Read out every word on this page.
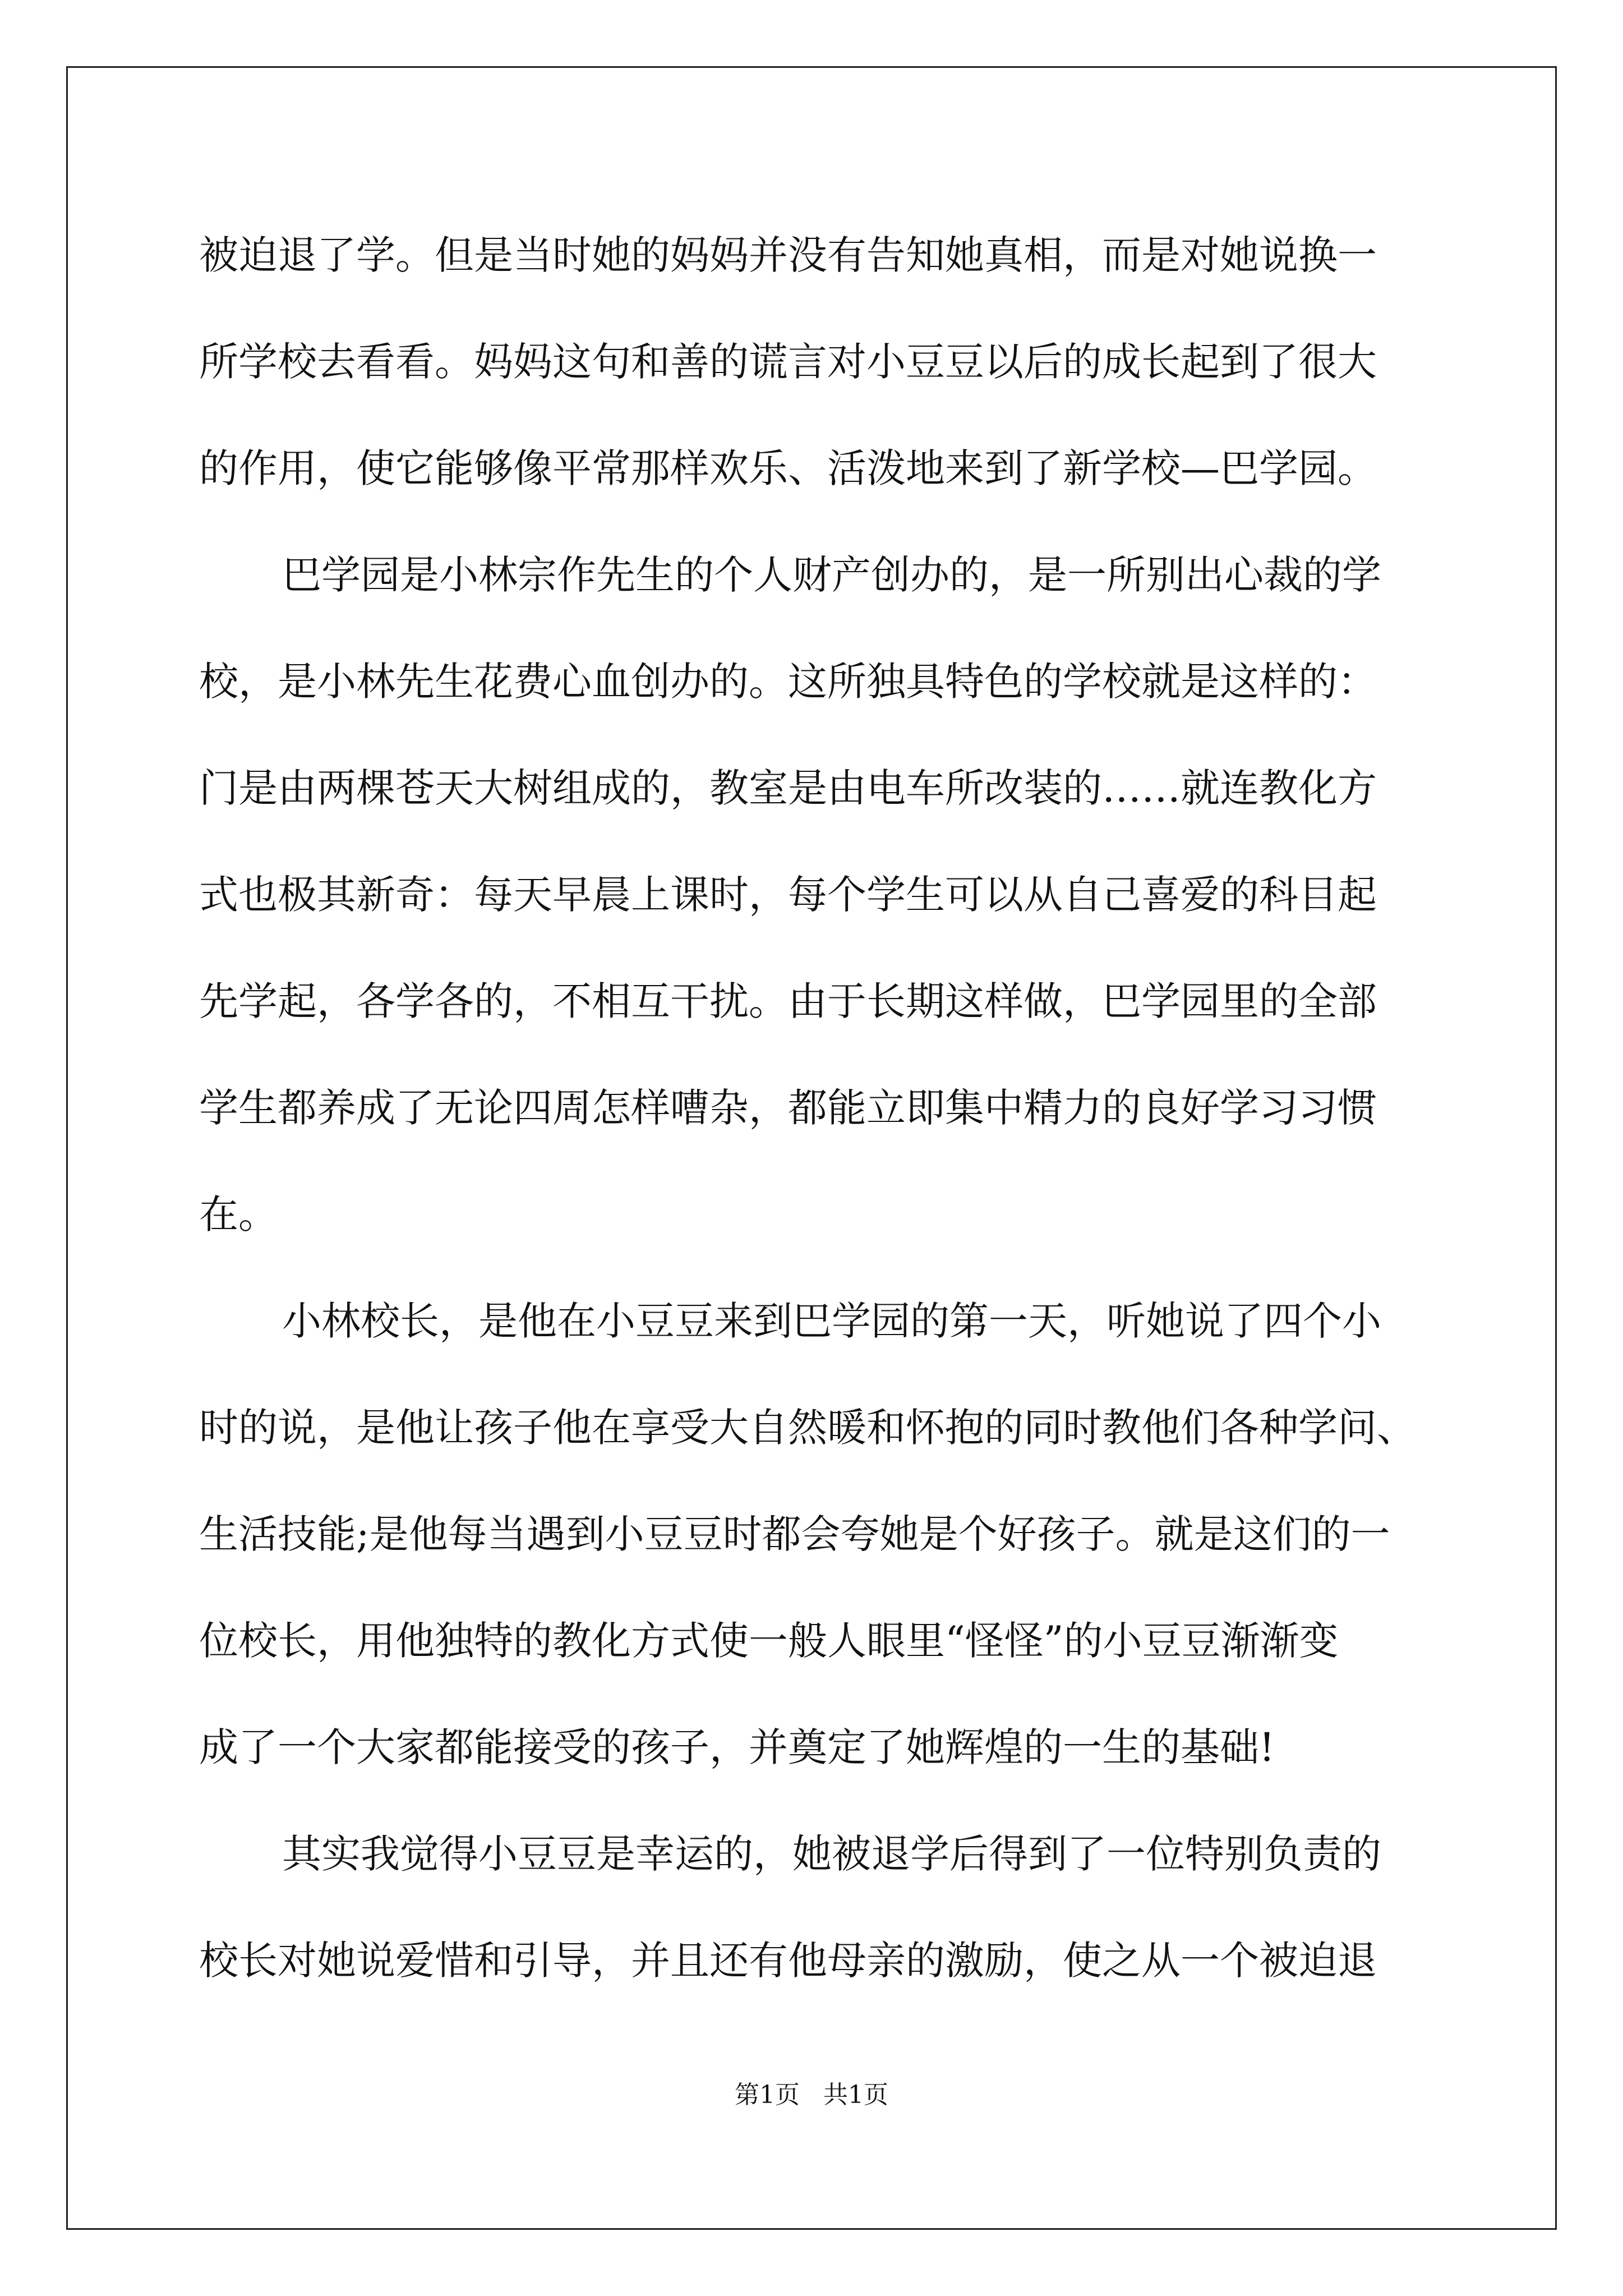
被迫退了学。但是当时她的妈妈并没有告知她真相，而是对她说换一
所学校去看看。妈妈这句和善的谎言对小豆豆以后的成长起到了很大
的作用，使它能够像平常那样欢乐、活泼地来到了新学校—巴学园。
巴学园是小林宗作先生的个人财产创办的，是一所别出心裁的学
校，是小林先生花费心血创办的。这所独具特色的学校就是这样的：
门是由两棵苍天大树组成的，教室是由电车所改装的……就连教化方
式也极其新奇：每天早晨上课时，每个学生可以从自己喜爱的科目起
先学起，各学各的，不相互干扰。由于长期这样做，巴学园里的全部
学生都养成了无论四周怎样嘈杂，都能立即集中精力的良好学习习惯
在。
小林校长，是他在小豆豆来到巴学园的第一天，听她说了四个小
时的说，是他让孩子他在享受大自然暖和怀抱的同时教他们各种学问、
生活技能;是他每当遇到小豆豆时都会夸她是个好孩子。就是这们的一
位校长，用他独特的教化方式使一般人眼里“怪怪”的小豆豆渐渐变
成了一个大家都能接受的孩子，并奠定了她辉煌的一生的基础!
其实我觉得小豆豆是幸运的，她被退学后得到了一位特别负责的
校长对她说爱惜和引导，并且还有他母亲的激励，使之从一个被迫退
第1页 共1页
